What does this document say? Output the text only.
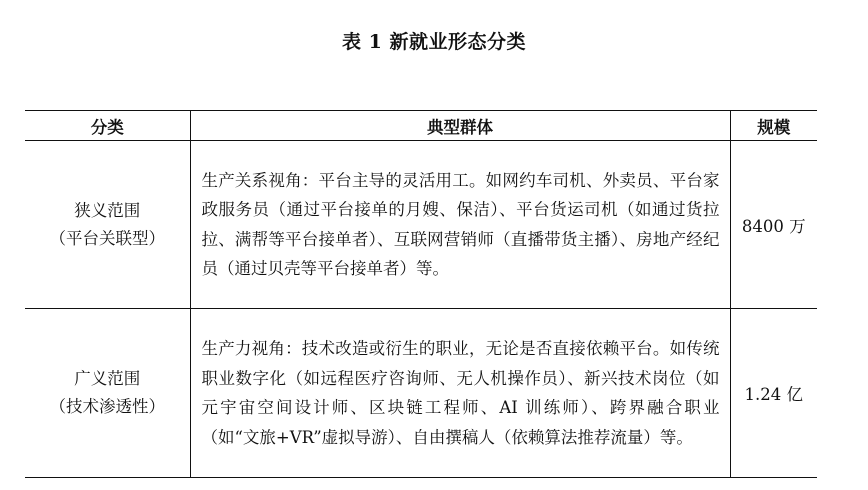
表 1 新就业形态分类
分类	典型群体	规模

狭义范围
（平台关联型）	生产关系视角：平台主导的灵活用工。如网约车司机、外卖员、平台家政服务员（通过平台接单的月嫂、保洁）、平台货运司机（如通过货拉拉、满帮等平台接单者）、互联网营销师（直播带货主播）、房地产经纪员（通过贝壳等平台接单者）等。	8400 万

广义范围
（技术渗透性）	生产力视角：技术改造或衍生的职业，无论是否直接依赖平台。如传统职业数字化（如远程医疗咨询师、无人机操作员）、新兴技术岗位（如元宇宙空间设计师、区块链工程师、AI 训练师）、跨界融合职业（如“文旅+VR”虚拟导游）、自由撰稿人（依赖算法推荐流量）等。	1.24 亿
